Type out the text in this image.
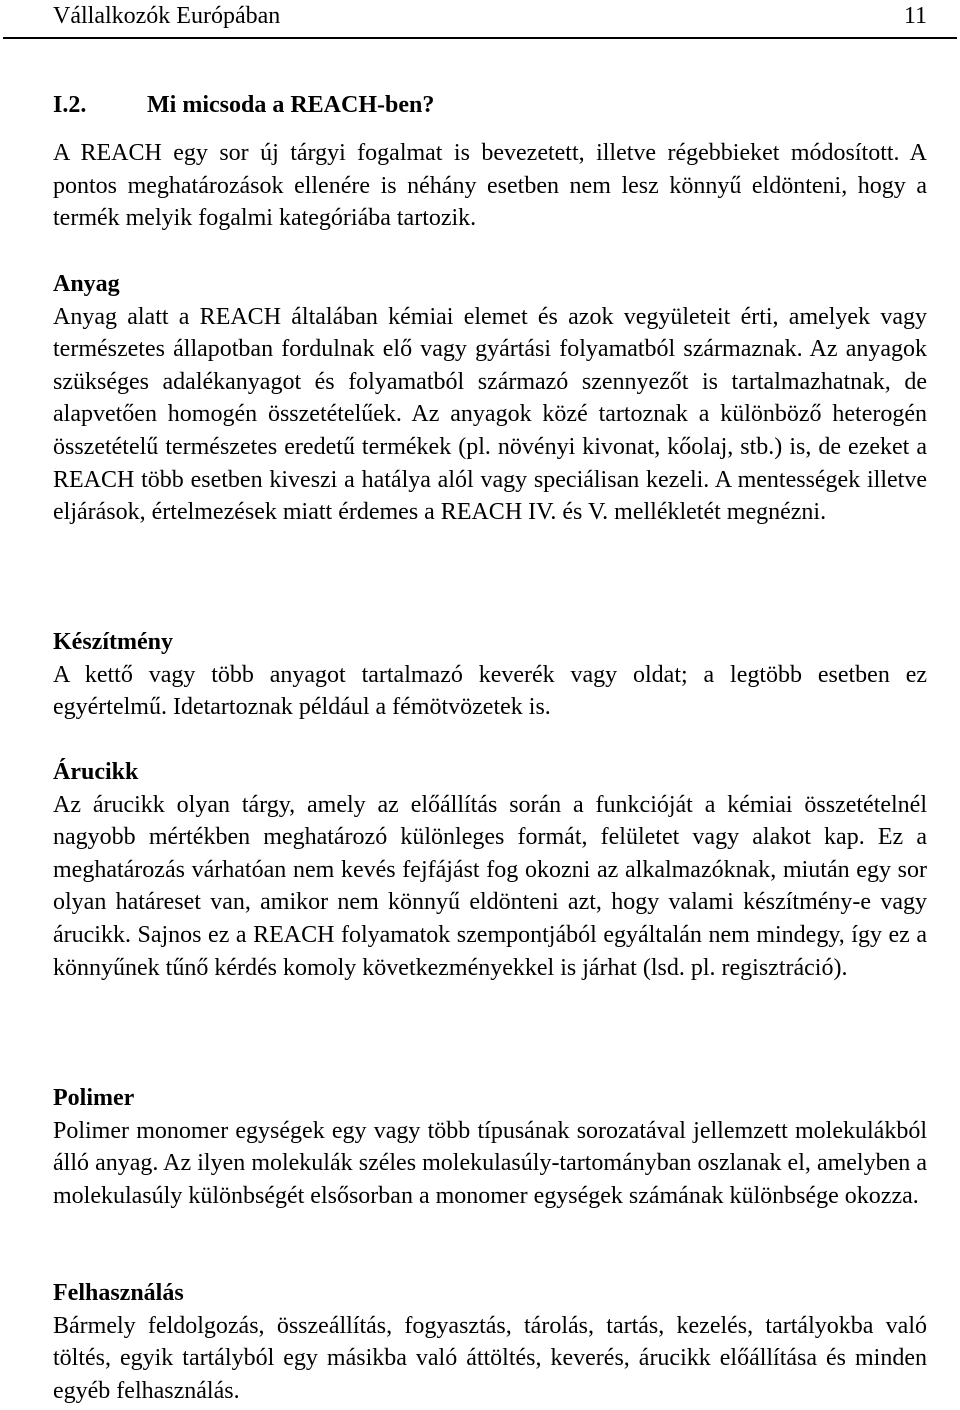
Vállalkozók Európában	11
I.2.	Mi micsoda a REACH-ben?

A REACH egy sor új tárgyi fogalmat is bevezetett, illetve régebbieket módosított. A pontos meghatározások ellenére is néhány esetben nem lesz könnyű eldönteni, hogy a termék melyik fogalmi kategóriába tartozik.

Anyag

Anyag alatt a REACH általában kémiai elemet és azok vegyületeit érti, amelyek vagy természetes állapotban fordulnak elő vagy gyártási folyamatból származnak. Az anyagok szükséges adalékanyagot és folyamatból származó szennyezőt is tartalmazhatnak, de alapvetően homogén összetételűek. Az anyagok közé tartoznak a különböző heterogén összetételű természetes eredetű termékek (pl. növényi kivonat, kőolaj, stb.) is, de ezeket a REACH több esetben kiveszi a hatálya alól vagy speciálisan kezeli. A mentességek illetve eljárások, értelmezések miatt érdemes a REACH IV. és V. mellékletét megnézni.

Készítmény

A kettő vagy több anyagot tartalmazó keverék vagy oldat; a legtöbb esetben ez egyértelmű. Idetartoznak például a fémötvözetek is.

Árucikk

Az árucikk olyan tárgy, amely az előállítás során a funkcióját a kémiai összetételnél nagyobb mértékben meghatározó különleges formát, felületet vagy alakot kap. Ez a meghatározás várhatóan nem kevés fejfájást fog okozni az alkalmazóknak, miután egy sor olyan határeset van, amikor nem könnyű eldönteni azt, hogy valami készítmény-e vagy árucikk. Sajnos ez a REACH folyamatok szempontjából egyáltalán nem mindegy, így ez a könnyűnek tűnő kérdés komoly következményekkel is járhat (lsd. pl. regisztráció).

Polimer

Polimer monomer egységek egy vagy több típusának sorozatával jellemzett molekulákból álló anyag. Az ilyen molekulák széles molekulasúly-tartományban oszlanak el, amelyben a molekulasúly különbségét elsősorban a monomer egységek számának különbsége okozza.

Felhasználás

Bármely feldolgozás, összeállítás, fogyasztás, tárolás, tartás, kezelés, tartályokba való töltés, egyik tartályból egy másikba való áttöltés, keverés, árucikk előállítása és minden egyéb felhasználás.
